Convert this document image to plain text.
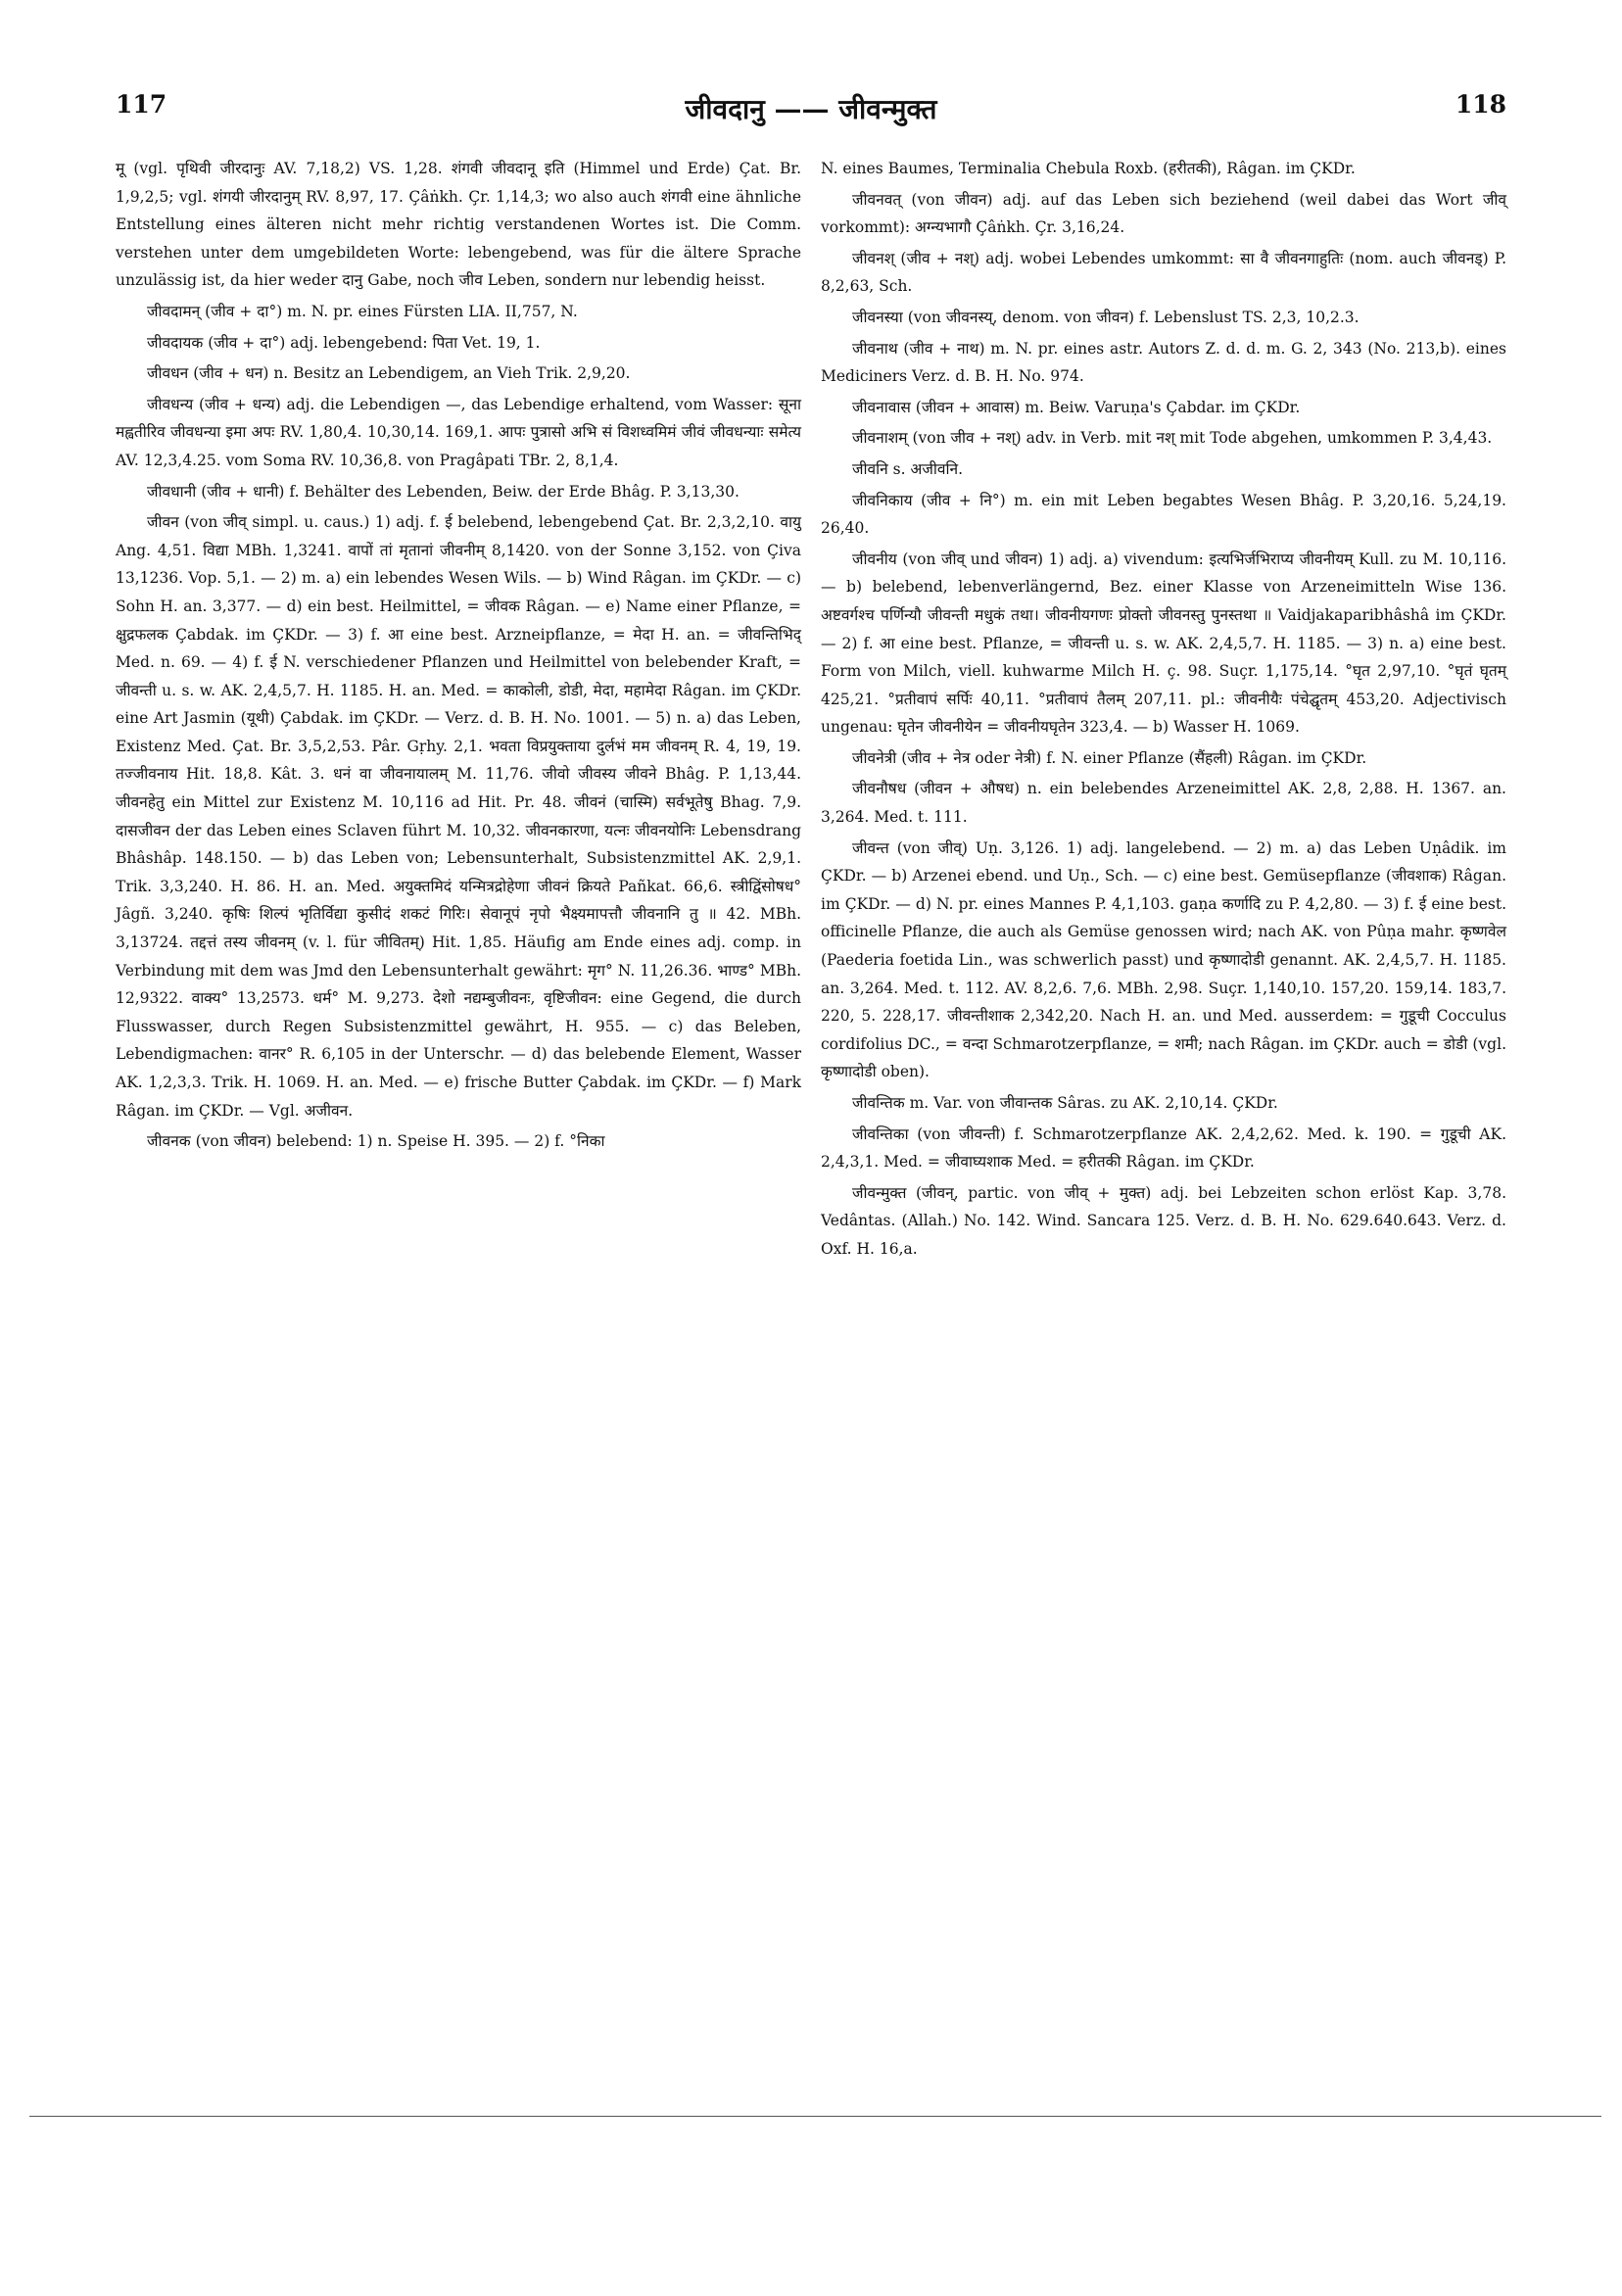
117	जीवदानु —— जीवन्मुक्त	118

मू (vgl. पृथिवी जीरदानुः AV. 7,18,2) VS. 1,28. शंगवी जीवदानू इति (Himmel und Erde) Çat. Br. 1,9,2,5; vgl. शंगयी जीरदानुम् RV. 8,97, 17. Çâṅkh. Çr. 1,14,3; wo also auch शंगवी eine ähnliche Entstellung eines älteren nicht mehr richtig verstandenen Wortes ist. Die Comm. verstehen unter dem umgebildeten Worte: lebengebend, was für die ältere Sprache unzulässig ist, da hier weder दानु Gabe, noch जीव Leben, sondern nur lebendig heisst.

जीवदामन् (जीव + दा°) m. N. pr. eines Fürsten LIA. II,757, N.

जीवदायक (जीव + दा°) adj. lebengebend: पिता Vet. 19, 1.

जीवधन (जीव + धन) n. Besitz an Lebendigem, an Vieh Trik. 2,9,20.

जीवधन्य (जीव + धन्य) adj. die Lebendigen —, das Lebendige erhaltend, vom Wasser: सूना मह्वतीरिव जीवधन्या इमा अपः RV. 1,80,4. 10,30,14. 169,1. आपः पुत्रासो अभि सं विशध्वमिमं जीवं जीवधन्याः समेत्य AV. 12,3,4.25. vom Soma RV. 10,36,8. von Pragâpati TBr. 2, 8,1,4.

जीवधानी (जीव + धानी) f. Behälter des Lebenden, Beiw. der Erde Bhâg. P. 3,13,30.

जीवन (von जीव् simpl. u. caus.) 1) adj. f. ई belebend, lebengebend Çat. Br. 2,3,2,10. वायु Ang. 4,51. विद्या MBh. 1,3241. वापों तां मृतानां जीवनीम् 8,1420. von der Sonne 3,152. von Çiva 13,1236. Vop. 5,1. — 2) m. a) ein lebendes Wesen Wils. — b) Wind Râgan. im ÇKDr. — c) Sohn H. an. 3,377. — d) ein best. Heilmittel, = जीवक Râgan. — e) Name einer Pflanze, = क्षुद्रफलक Çabdak. im ÇKDr. — 3) f. आ eine best. Arzneipflanze, = मेदा H. an. = जीवन्तिभिद् Med. n. 69. — 4) f. ई N. verschiedener Pflanzen und Heilmittel von belebender Kraft, = जीवन्ती u. s. w. AK. 2,4,5,7. H. 1185. H. an. Med. = काकोली, डोडी, मेदा, महामेदा Râgan. im ÇKDr. eine Art Jasmin (यूथी) Çabdak. im ÇKDr. — Verz. d. B. H. No. 1001. — 5) n. a) das Leben, Existenz Med. Çat. Br. 3,5,2,53. Pâr. Gṛhy. 2,1. भवता विप्रयुक्ताया दुर्लभं मम जीवनम् R. 4, 19, 19. तज्जीवनाय Hit. 18,8. Kât. 3. धनं वा जीवनायालम् M. 11,76. जीवो जीवस्य जीवने Bhâg. P. 1,13,44. जीवनहेतु ein Mittel zur Existenz M. 10,116 ad Hit. Pr. 48. जीवनं (चास्मि) सर्वभूतेषु Bhag. 7,9. दासजीवन der das Leben eines Sclaven führt M. 10,32. जीवनकारणा, यत्नः जीवनयोनिः Lebensdrang Bhâshâp. 148.150. — b) das Leben von; Lebensunterhalt, Subsistenzmittel AK. 2,9,1. Trik. 3,3,240. H. 86. H. an. Med. अयुक्तमिदं यन्मित्रद्रोहेणा जीवनं क्रियते Pañkat. 66,6. स्त्रीद्विंसोषध° Jâgñ. 3,240. कृषिः शिल्पं भृतिर्विद्या कुसीदं शकटं गिरिः। सेवानूपं नृपो भैक्ष्यमापत्तौ जीवनानि तु ॥ 42. MBh. 3,13724. तद्दत्तं तस्य जीवनम् (v. l. für जीवितम्) Hit. 1,85. Häufig am Ende eines adj. comp. in Verbindung mit dem was Jmd den Lebensunterhalt gewährt: मृग° N. 11,26.36. भाण्ड° MBh. 12,9322. वाक्य° 13,2573. धर्म° M. 9,273. देशो नद्यम्बुजीवनः, वृष्टिजीवन: eine Gegend, die durch Flusswasser, durch Regen Subsistenzmittel gewährt, H. 955. — c) das Beleben, Lebendigmachen: वानर° R. 6,105 in der Unterschr. — d) das belebende Element, Wasser AK. 1,2,3,3. Trik. H. 1069. H. an. Med. — e) frische Butter Çabdak. im ÇKDr. — f) Mark Râgan. im ÇKDr. — Vgl. अजीवन.

जीवनक (von जीवन) belebend: 1) n. Speise H. 395. — 2) f. °निका

N. eines Baumes, Terminalia Chebula Roxb. (हरीतकी), Râgan. im ÇKDr.

जीवनवत् (von जीवन) adj. auf das Leben sich beziehend (weil dabei das Wort जीव् vorkommt): अग्न्यभागौ Çâṅkh. Çr. 3,16,24.

जीवनश् (जीव + नश्) adj. wobei Lebendes umkommt: सा वै जीवनगाहुतिः (nom. auch जीवनड्) P. 8,2,63, Sch.

जीवनस्या (von जीवनस्य्, denom. von जीवन) f. Lebenslust TS. 2,3, 10,2.3.

जीवनाथ (जीव + नाथ) m. N. pr. eines astr. Autors Z. d. d. m. G. 2, 343 (No. 213,b). eines Mediciners Verz. d. B. H. No. 974.

जीवनावास (जीवन + आवास) m. Beiw. Varuṇa's Çabdar. im ÇKDr.

जीवनाशम् (von जीव + नश्) adv. in Verb. mit नश् mit Tode abgehen, umkommen P. 3,4,43.

जीवनि s. अजीवनि.

जीवनिकाय (जीव + नि°) m. ein mit Leben begabtes Wesen Bhâg. P. 3,20,16. 5,24,19. 26,40.

जीवनीय (von जीव् und जीवन) 1) adj. a) vivendum: इत्यभिर्जभिराप्य जीवनीयम् Kull. zu M. 10,116. — b) belebend, lebenverlängernd, Bez. einer Klasse von Arzeneimitteln Wise 136. अष्टवर्गश्च पर्णिन्यौ जीवन्ती मधुकं तथा। जीवनीयगणः प्रोक्तो जीवनस्तु पुनस्तथा ॥ Vaidjakaparibhâshâ im ÇKDr. — 2) f. आ eine best. Pflanze, = जीवन्ती u. s. w. AK. 2,4,5,7. H. 1185. — 3) n. a) eine best. Form von Milch, viell. kuhwarme Milch H. ç. 98. Suçr. 1,175,14. °घृत 2,97,10. °घृतं घृतम् 425,21. °प्रतीवापं सर्पिः 40,11. °प्रतीवापं तैलम् 207,11. pl.: जीवनीयैः पंचेद्घृतम् 453,20. Adjectivisch ungenau: घृतेन जीवनीयेन = जीवनीयघृतेन 323,4. — b) Wasser H. 1069.

जीवनेत्री (जीव + नेत्र oder नेत्री) f. N. einer Pflanze (सैंहली) Râgan. im ÇKDr.

जीवनौषध (जीवन + औषध) n. ein belebendes Arzeneimittel AK. 2,8, 2,88. H. 1367. an. 3,264. Med. t. 111.

जीवन्त (von जीव्) Uṇ. 3,126. 1) adj. langelebend. — 2) m. a) das Leben Uṇâdik. im ÇKDr. — b) Arzenei ebend. und Uṇ., Sch. — c) eine best. Gemüsepflanze (जीवशाक) Râgan. im ÇKDr. — d) N. pr. eines Mannes P. 4,1,103. gaṇa कर्णादि zu P. 4,2,80. — 3) f. ई eine best. officinelle Pflanze, die auch als Gemüse genossen wird; nach AK. von Pûṇa mahr. कृष्णवेल (Paederia foetida Lin., was schwerlich passt) und कृष्णादोडी genannt. AK. 2,4,5,7. H. 1185. an. 3,264. Med. t. 112. AV. 8,2,6. 7,6. MBh. 2,98. Suçr. 1,140,10. 157,20. 159,14. 183,7. 220, 5. 228,17. जीवन्तीशाक 2,342,20. Nach H. an. und Med. ausserdem: = गुडूची Cocculus cordifolius DC., = वन्दा Schmarotzerpflanze, = शमी; nach Râgan. im ÇKDr. auch = डोडी (vgl. कृष्णादोडी oben).

जीवन्तिक m. Var. von जीवान्तक Sâras. zu AK. 2,10,14. ÇKDr.

जीवन्तिका (von जीवन्ती) f. Schmarotzerpflanze AK. 2,4,2,62. Med. k. 190. = गुडूची AK. 2,4,3,1. Med. = जीवाघ्यशाक Med. = हरीतकी Râgan. im ÇKDr.

जीवन्मुक्त (जीवन्, partic. von जीव् + मुक्त) adj. bei Lebzeiten schon erlöst Kap. 3,78. Vedântas. (Allah.) No. 142. Wind. Sancara 125. Verz. d. B. H. No. 629.640.643. Verz. d. Oxf. H. 16,a.
